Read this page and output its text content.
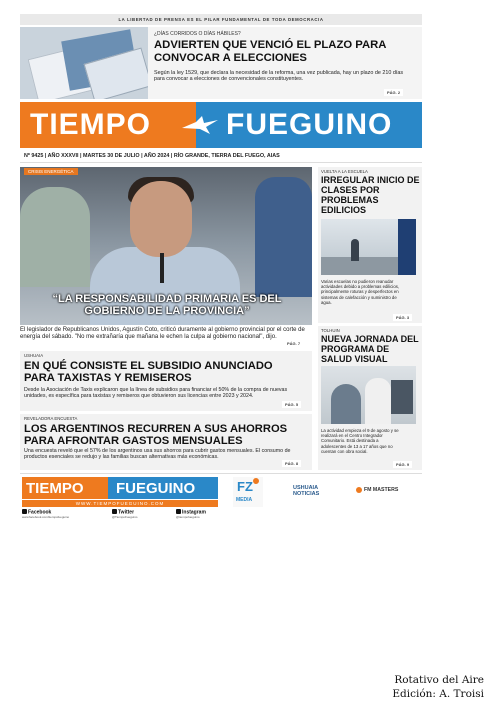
LA LIBERTAD DE PRENSA ES EL PILAR FUNDAMENTAL DE TODA DEMOCRACIA
¿DÍAS CORRIDOS O DÍAS HÁBILES?
ADVIERTEN QUE VENCIÓ EL PLAZO PARA CONVOCAR A ELECCIONES
Según la ley 1529, que declara la necesidad de la reforma, una vez publicada, hay un plazo de 210 días para convocar a elecciones de convencionales constituyentes.
PÁG. 2
TIEMPO FUEGUINO
Nº 9425 | AÑO XXXVII | MARTES 30 DE JULIO | AÑO 2024 | RÍO GRANDE, TIERRA DEL FUEGO, AIAS
CRISIS ENERGÉTICA
“LA RESPONSABILIDAD PRIMARIA ES DEL GOBIERNO DE LA PROVINCIA”
El legislador de Republicanos Unidos, Agustín Coto, criticó duramente al gobierno provincial por el corte de energía del sábado. "No me extrañaría que mañana le echen la culpa al gobierno nacional", dijo.
PÁG. 7
USHUAIA
EN QUÉ CONSISTE EL SUBSIDIO ANUNCIADO PARA TAXISTAS Y REMISEROS
Desde la Asociación de Taxis explicaron que la línea de subsidios para financiar el 50% de la compra de nuevas unidades, es específica para taxistas y remiseros que obtuvieron sus licencias entre 2023 y 2024.
PÁG. 5
REVELADORA ENCUESTA
LOS ARGENTINOS RECURREN A SUS AHORROS PARA AFRONTAR GASTOS MENSUALES
Una encuesta reveló que el 57% de los argentinos usa sus ahorros para cubrir gastos mensuales. El consumo de productos esenciales se redujo y las familias buscan alternativas más económicas.
PÁG. 8
VUELTA A LA ESCUELA
IRREGULAR INICIO DE CLASES POR PROBLEMAS EDILICIOS
Varias escuelas no pudieron reanudar actividades debido a problemas edilicios, principalmente roturas y desperfectos en sistemas de calefacción y suministro de agua.
PÁG. 3
TOLHUIN
NUEVA JORNADA DEL PROGRAMA DE SALUD VISUAL
La actividad empieza el 9 de agosto y se realizará en el Centro Integrador Comunitario. Está destinada a adolescentes de 13 a 17 años que no cuentan con obra social.
PÁG. 9
TIEMPO FUEGUINO
WWW.TIEMPOFUEGUINO.COM
Facebook
www.facebook.com/tiempofueguino
Twitter
@TiempoFueguino
Instagram
@tiempofueguino
FZ
MEDIA
USHUAIA
NOTICIAS
FM MASTERS
Rotativo del Aire
Edición: A. Troisi
